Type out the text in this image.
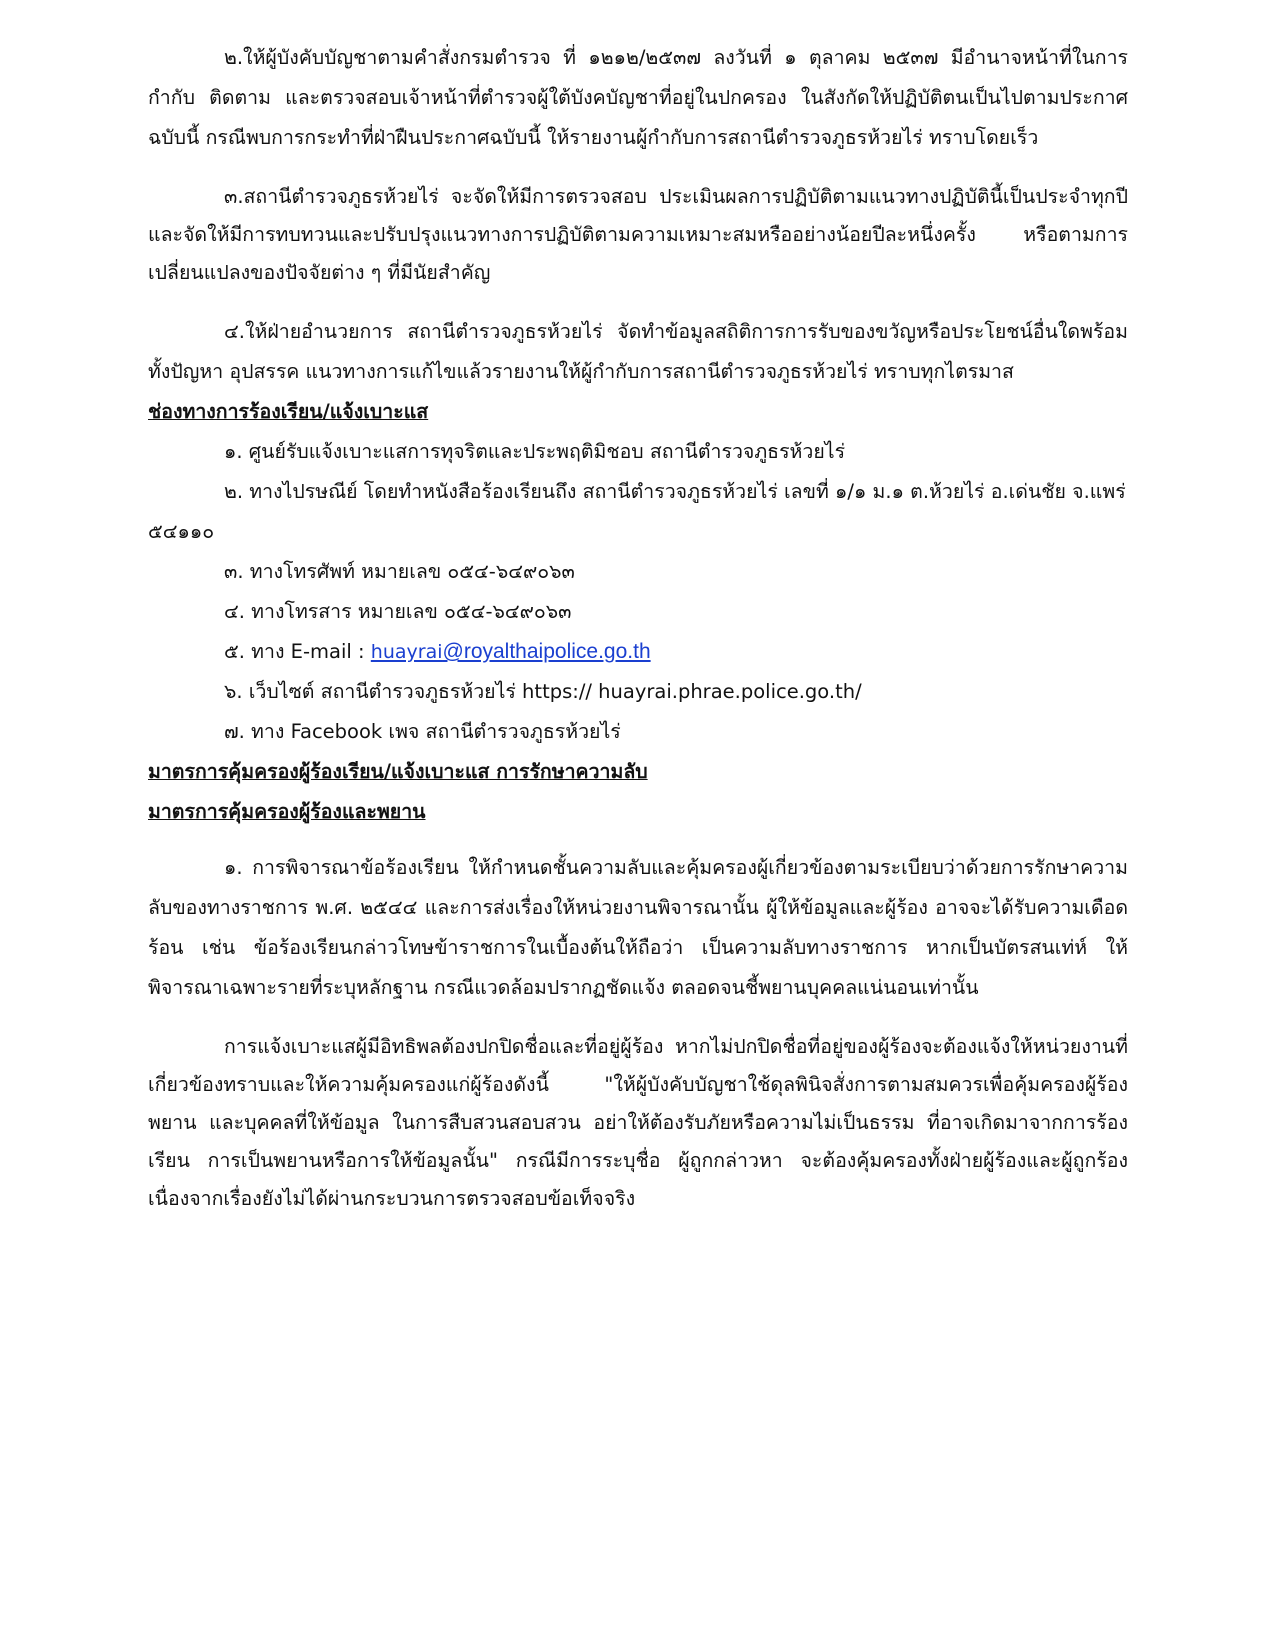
๒.ให้ผู้บังคับบัญชาตามคำสั่งกรมตำรวจ ที่ ๑๒๑๒/๒๕๓๗ ลงวันที่ ๑ ตุลาคม ๒๕๓๗ มีอำนาจหน้าที่ในการกำกับ ติดตาม และตรวจสอบเจ้าหน้าที่ตำรวจผู้ใต้บังคบัญชาที่อยู่ในปกครอง ในสังกัดให้ปฏิบัติตนเป็นไปตามประกาศฉบับนี้ กรณีพบการกระทำที่ฝ่าฝืนประกาศฉบับนี้ ให้รายงานผู้กำกับการสถานีตำรวจภูธรห้วยไร่ ทราบโดยเร็ว

๓.สถานีตำรวจภูธรห้วยไร่ จะจัดให้มีการตรวจสอบ ประเมินผลการปฏิบัติตามแนวทางปฏิบัตินี้เป็นประจำทุกปี และจัดให้มีการทบทวนและปรับปรุงแนวทางการปฏิบัติตามความเหมาะสมหรืออย่างน้อยปีละหนึ่งครั้ง หรือตามการเปลี่ยนแปลงของปัจจัยต่าง ๆ ที่มีนัยสำคัญ

๔.ให้ฝ่ายอำนวยการ สถานีตำรวจภูธรห้วยไร่ จัดทำข้อมูลสถิติการการรับของขวัญหรือประโยชน์อื่นใดพร้อมทั้งปัญหา อุปสรรค แนวทางการแก้ไขแล้วรายงานให้ผู้กำกับการสถานีตำรวจภูธรห้วยไร่ ทราบทุกไตรมาส

ช่องทางการร้องเรียน/แจ้งเบาะแส

๑. ศูนย์รับแจ้งเบาะแสการทุจริตและประพฤติมิชอบ สถานีตำรวจภูธรห้วยไร่

๒. ทางไปรษณีย์ โดยทำหนังสือร้องเรียนถึง สถานีตำรวจภูธรห้วยไร่ เลขที่ ๑/๑ ม.๑ ต.ห้วยไร่ อ.เด่นชัย จ.แพร่ ๕๔๑๑๐

๓. ทางโทรศัพท์ หมายเลข ๐๕๔-๖๔๙๐๖๓

๔. ทางโทรสาร หมายเลข ๐๕๔-๖๔๙๐๖๓

๕. ทาง E-mail : huayrai@royalthaipolice.go.th

๖. เว็บไซต์ สถานีตำรวจภูธรห้วยไร่ https:// huayrai.phrae.police.go.th/

๗. ทาง Facebook เพจ สถานีตำรวจภูธรห้วยไร่

มาตรการคุ้มครองผู้ร้องเรียน/แจ้งเบาะแส การรักษาความลับ

มาตรการคุ้มครองผู้ร้องและพยาน

๑. การพิจารณาข้อร้องเรียน ให้กำหนดชั้นความลับและคุ้มครองผู้เกี่ยวข้องตามระเบียบว่าด้วยการรักษาความลับของทางราชการ พ.ศ. ๒๕๔๔ และการส่งเรื่องให้หน่วยงานพิจารณานั้น ผู้ให้ข้อมูลและผู้ร้อง อาจจะได้รับความเดือดร้อน เช่น ข้อร้องเรียนกล่าวโทษข้าราชการในเบื้องต้นให้ถือว่า เป็นความลับทางราชการ หากเป็นบัตรสนเท่ห์ ให้พิจารณาเฉพาะรายที่ระบุหลักฐาน กรณีแวดล้อมปรากฏชัดแจ้ง ตลอดจนชี้พยานบุคคลแน่นอนเท่านั้น

การแจ้งเบาะแสผู้มีอิทธิพลต้องปกปิดชื่อและที่อยู่ผู้ร้อง หากไม่ปกปิดชื่อที่อยู่ของผู้ร้องจะต้องแจ้งให้หน่วยงานที่เกี่ยวข้องทราบและให้ความคุ้มครองแก่ผู้ร้องดังนี้ "ให้ผู้บังคับบัญชาใช้ดุลพินิจสั่งการตามสมควรเพื่อคุ้มครองผู้ร้อง พยาน และบุคคลที่ให้ข้อมูล ในการสืบสวนสอบสวน อย่าให้ต้องรับภัยหรือความไม่เป็นธรรม ที่อาจเกิดมาจากการร้องเรียน การเป็นพยานหรือการให้ข้อมูลนั้น" กรณีมีการระบุชื่อ ผู้ถูกกล่าวหา จะต้องคุ้มครองทั้งฝ่ายผู้ร้องและผู้ถูกร้องเนื่องจากเรื่องยังไม่ได้ผ่านกระบวนการตรวจสอบข้อเท็จจริง
